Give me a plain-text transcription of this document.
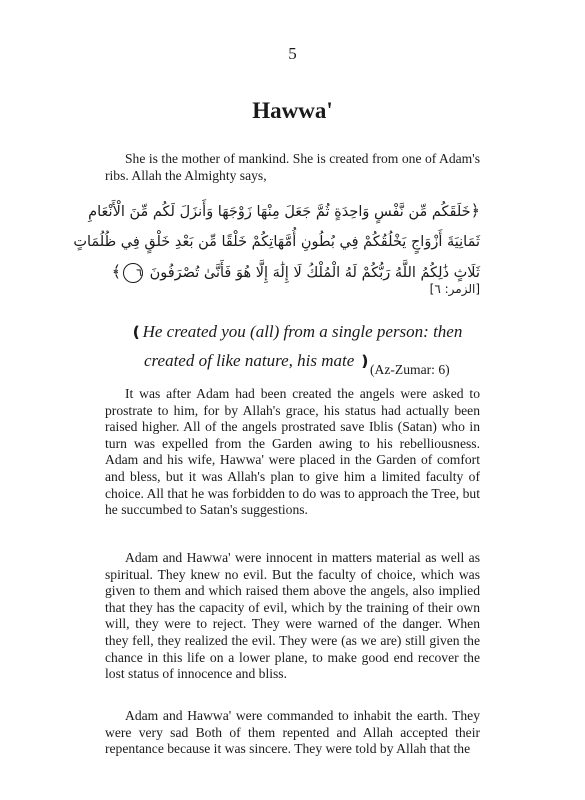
5
Hawwa'

She is the mother of mankind. She is created from one of Adam's ribs. Allah the Almighty says,

﴿خَلَقَكُم مِّن نَّفْسٍ وَاحِدَةٍ ثُمَّ جَعَلَ مِنْهَا زَوْجَهَا وَأَنزَلَ لَكُم مِّنَ الْأَنْعَامِ
ثَمَانِيَةَ أَزْوَاجٍ يَخْلُقُكُمْ فِي بُطُونِ أُمَّهَاتِكُمْ خَلْقًا مِّن بَعْدِ خَلْقٍ فِي ظُلُمَاتٍ
ثَلَاثٍ ذَٰلِكُمُ اللَّهُ رَبُّكُمْ لَهُ الْمُلْكُ لَا إِلَٰهَ إِلَّا هُوَ فَأَنَّىٰ تُصْرَفُونَ ٦﴾
[الزمر: ٦]

❪He created you (all) from a single person: then
created of like nature, his mate ❫

(Az-Zumar: 6)

It was after Adam had been created the angels were asked to prostrate to him, for by Allah's grace, his status had actually been raised higher. All of the angels prostrated save Iblis (Satan) who in turn was expelled from the Garden awing to his rebelliousness. Adam and his wife, Hawwa' were placed in the Garden of comfort and bless, but it was Allah's plan to give him a limited faculty of choice. All that he was forbidden to do was to approach the Tree, but he succumbed to Satan's suggestions.

Adam and Hawwa' were innocent in matters material as well as spiritual. They knew no evil. But the faculty of choice, which was given to them and which raised them above the angels, also implied that they has the capacity of evil, which by the training of their own will, they were to reject. They were warned of the danger. When they fell, they realized the evil. They were (as we are) still given the chance in this life on a lower plane, to make good end recover the lost status of innocence and bliss.

Adam and Hawwa' were commanded to inhabit the earth. They were very sad Both of them repented and Allah accepted their repentance because it was sincere. They were told by Allah that the
